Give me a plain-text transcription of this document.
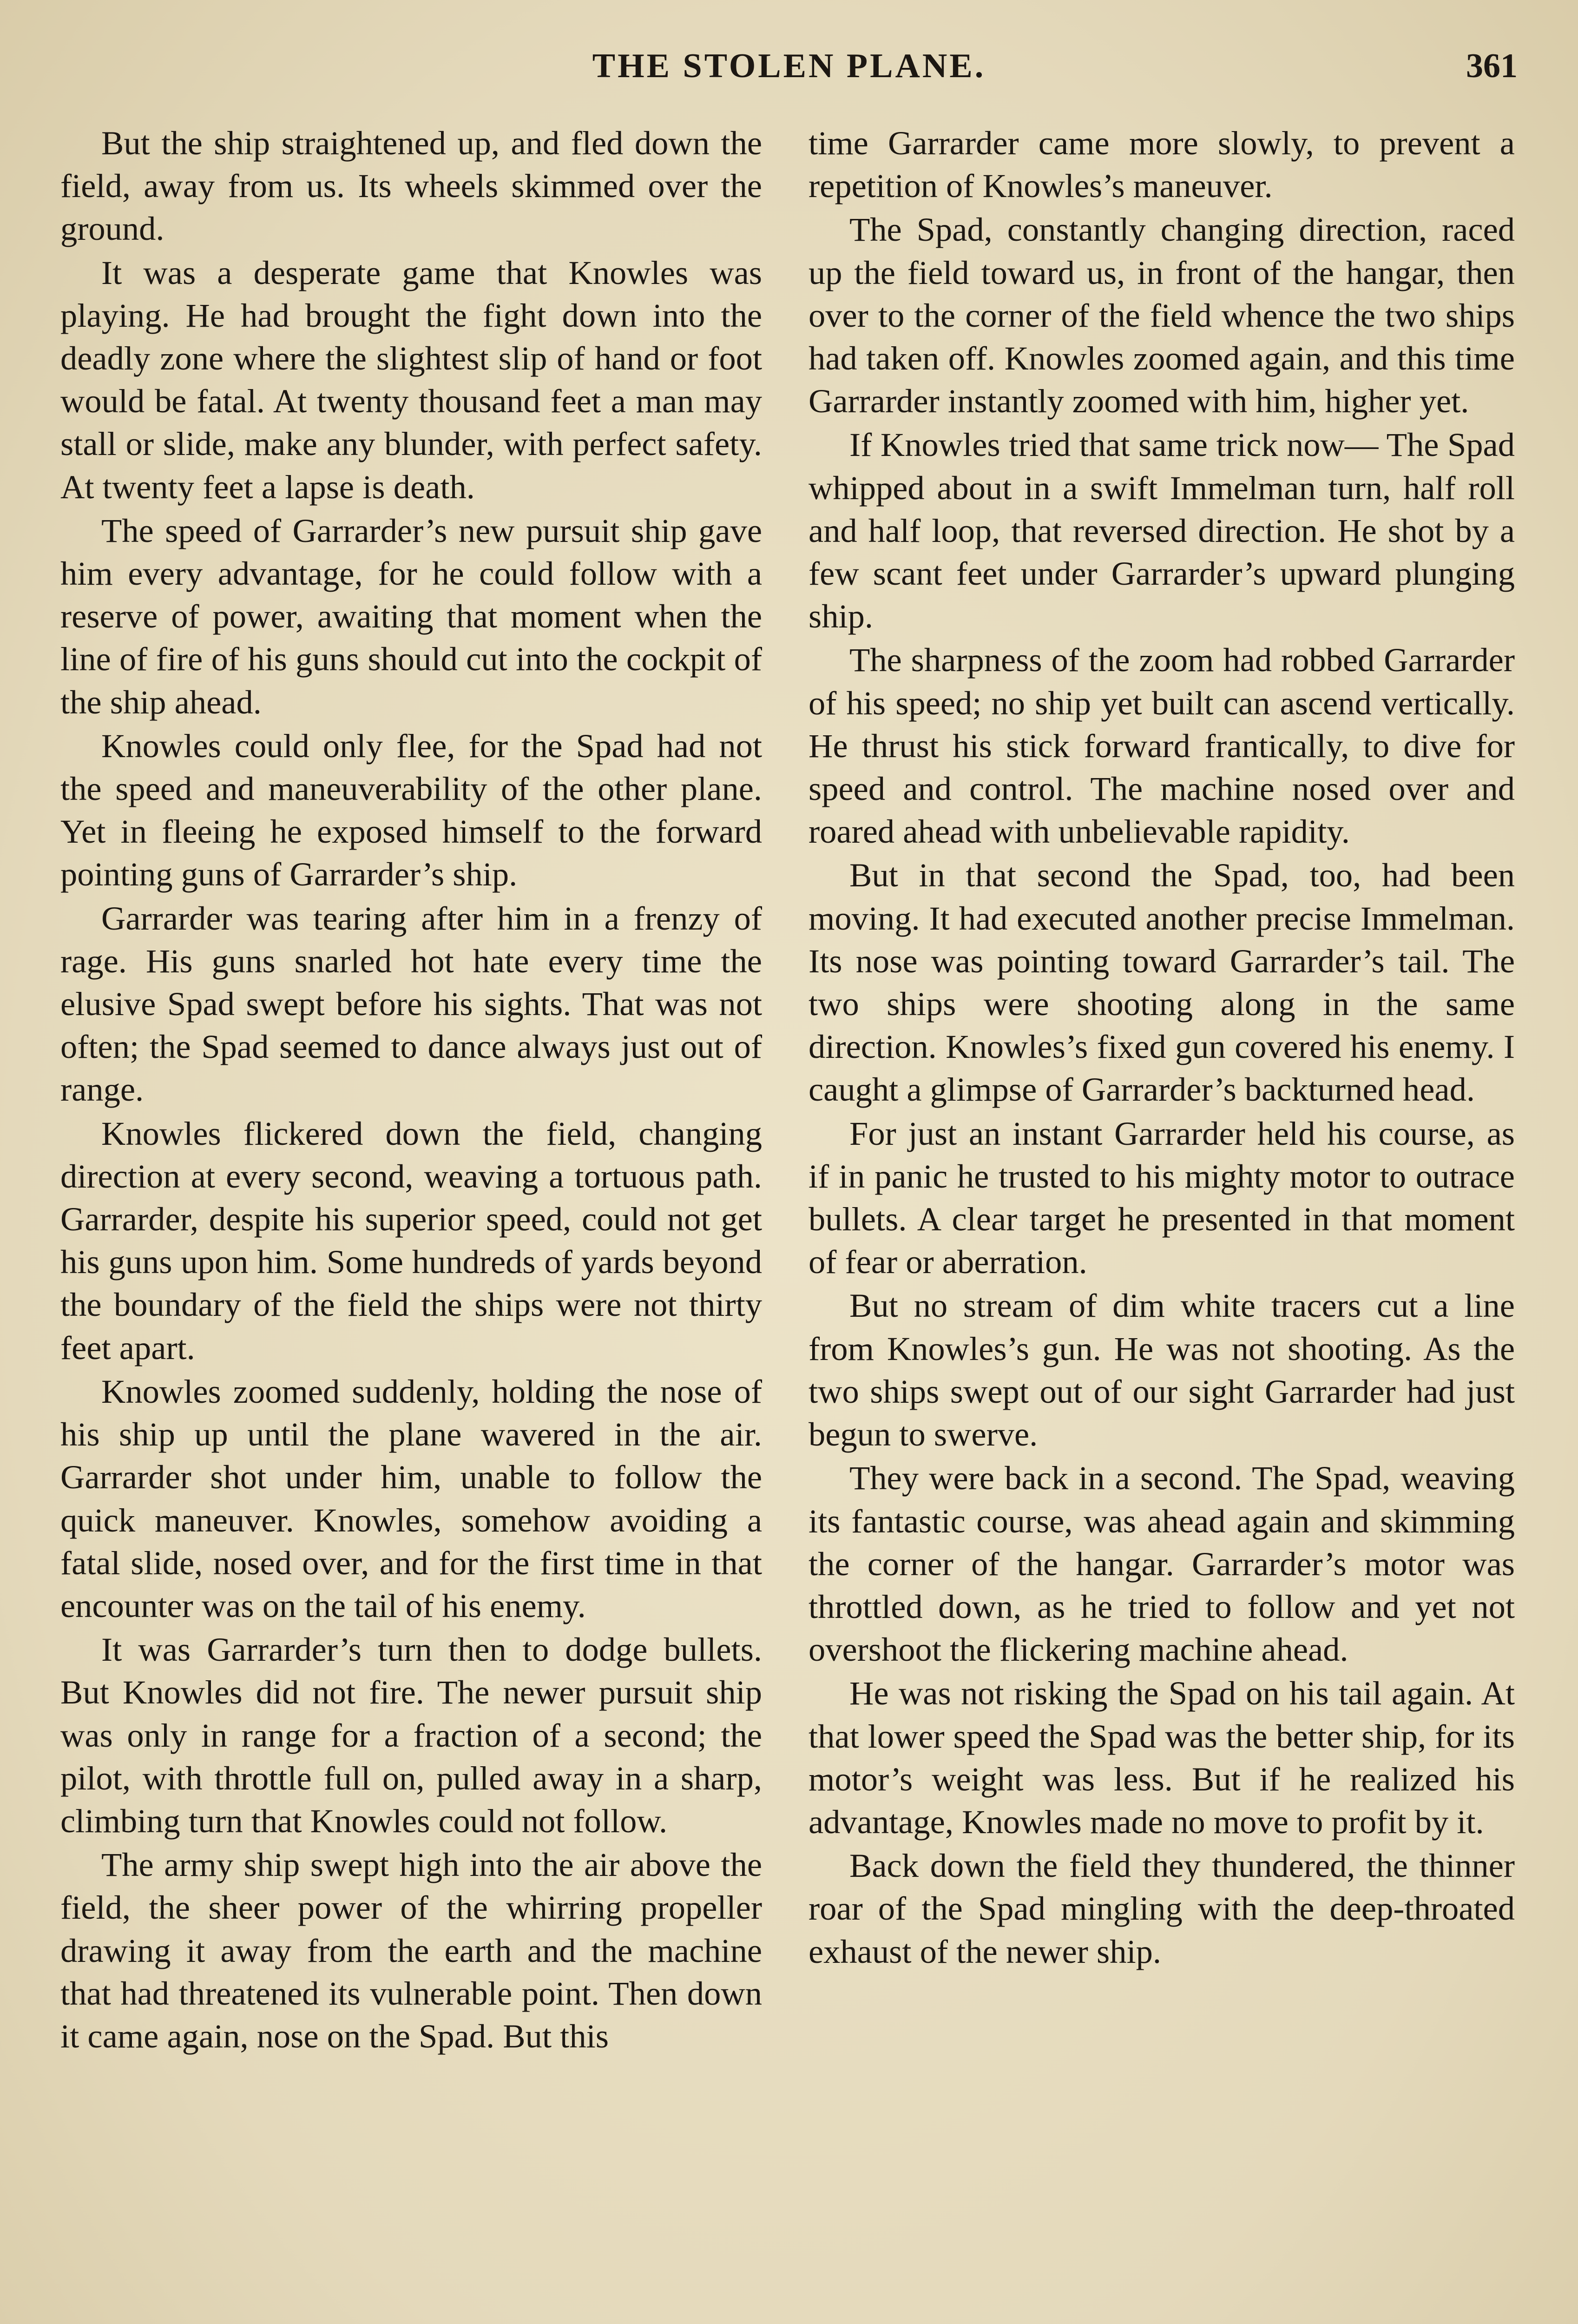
THE STOLEN PLANE.	361

But the ship straightened up, and fled down the field, away from us. Its wheels skimmed over the ground.

It was a desperate game that Knowles was playing. He had brought the fight down into the deadly zone where the slightest slip of hand or foot would be fatal. At twenty thousand feet a man may stall or slide, make any blunder, with perfect safety. At twenty feet a lapse is death.

The speed of Garrarder’s new pursuit ship gave him every advantage, for he could follow with a reserve of power, awaiting that moment when the line of fire of his guns should cut into the cockpit of the ship ahead.

Knowles could only flee, for the Spad had not the speed and maneuverability of the other plane. Yet in fleeing he exposed himself to the forward pointing guns of Garrarder’s ship.

Garrarder was tearing after him in a frenzy of rage. His guns snarled hot hate every time the elusive Spad swept before his sights. That was not often; the Spad seemed to dance always just out of range.

Knowles flickered down the field, changing direction at every second, weaving a tortuous path. Garrarder, despite his superior speed, could not get his guns upon him. Some hundreds of yards beyond the boundary of the field the ships were not thirty feet apart.

Knowles zoomed suddenly, holding the nose of his ship up until the plane wavered in the air. Garrarder shot under him, unable to follow the quick maneuver. Knowles, somehow avoiding a fatal slide, nosed over, and for the first time in that encounter was on the tail of his enemy.

It was Garrarder’s turn then to dodge bullets. But Knowles did not fire. The newer pursuit ship was only in range for a fraction of a second; the pilot, with throttle full on, pulled away in a sharp, climbing turn that Knowles could not follow.

The army ship swept high into the air above the field, the sheer power of the whirring propeller drawing it away from the earth and the machine that had threatened its vulnerable point. Then down it came again, nose on the Spad. But this

time Garrarder came more slowly, to prevent a repetition of Knowles’s maneuver.

The Spad, constantly changing direction, raced up the field toward us, in front of the hangar, then over to the corner of the field whence the two ships had taken off. Knowles zoomed again, and this time Garrarder instantly zoomed with him, higher yet.

If Knowles tried that same trick now— The Spad whipped about in a swift Immelman turn, half roll and half loop, that reversed direction. He shot by a few scant feet under Garrarder’s upward plunging ship.

The sharpness of the zoom had robbed Garrarder of his speed; no ship yet built can ascend vertically. He thrust his stick forward frantically, to dive for speed and control. The machine nosed over and roared ahead with unbelievable rapidity.

But in that second the Spad, too, had been moving. It had executed another precise Immelman. Its nose was pointing toward Garrarder’s tail. The two ships were shooting along in the same direction. Knowles’s fixed gun covered his enemy. I caught a glimpse of Garrarder’s backturned head.

For just an instant Garrarder held his course, as if in panic he trusted to his mighty motor to outrace bullets. A clear target he presented in that moment of fear or aberration.

But no stream of dim white tracers cut a line from Knowles’s gun. He was not shooting. As the two ships swept out of our sight Garrarder had just begun to swerve.

They were back in a second. The Spad, weaving its fantastic course, was ahead again and skimming the corner of the hangar. Garrarder’s motor was throttled down, as he tried to follow and yet not overshoot the flickering machine ahead.

He was not risking the Spad on his tail again. At that lower speed the Spad was the better ship, for its motor’s weight was less. But if he realized his advantage, Knowles made no move to profit by it.

Back down the field they thundered, the thinner roar of the Spad mingling with the deep-throated exhaust of the newer ship.
